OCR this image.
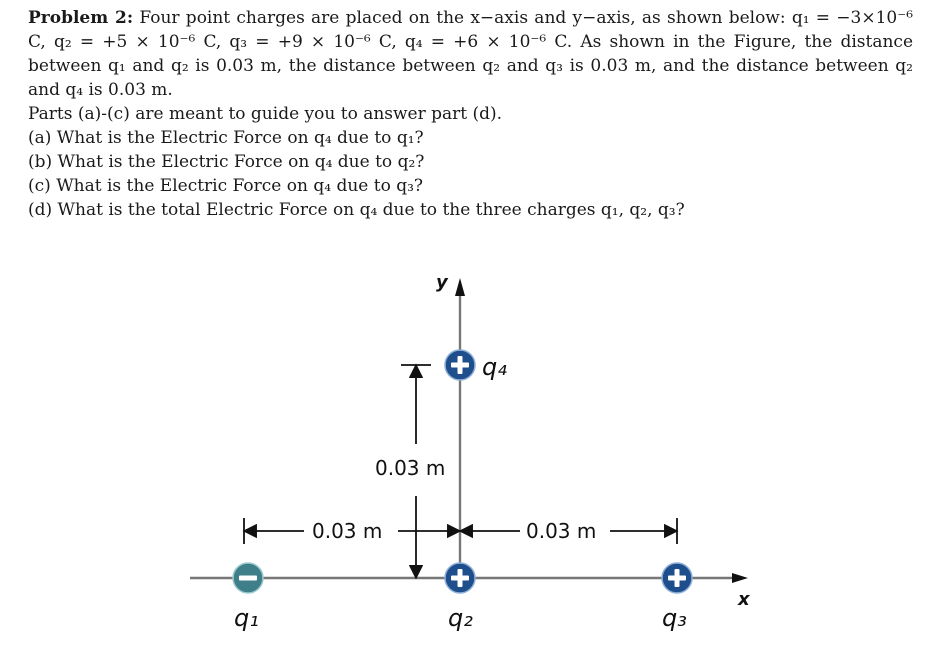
Problem 2: Four point charges are placed on the x−axis and y−axis, as shown below: q₁ = −3×10⁻⁶ C, q₂ = +5 × 10⁻⁶ C, q₃ = +9 × 10⁻⁶ C, q₄ = +6 × 10⁻⁶ C. As shown in the Figure, the distance between q₁ and q₂ is 0.03 m, the distance between q₂ and q₃ is 0.03 m, and the distance between q₂ and q₄ is 0.03 m.

Parts (a)-(c) are meant to guide you to answer part (d).
(a) What is the Electric Force on q₄ due to q₁?
(b) What is the Electric Force on q₄ due to q₂?
(c) What is the Electric Force on q₄ due to q₃?
(d) What is the total Electric Force on q₄ due to the three charges q₁, q₂, q₃?
x
y
0.03 m
0.03 m	0.03 m
q₁	q₂	q₃
q₄
